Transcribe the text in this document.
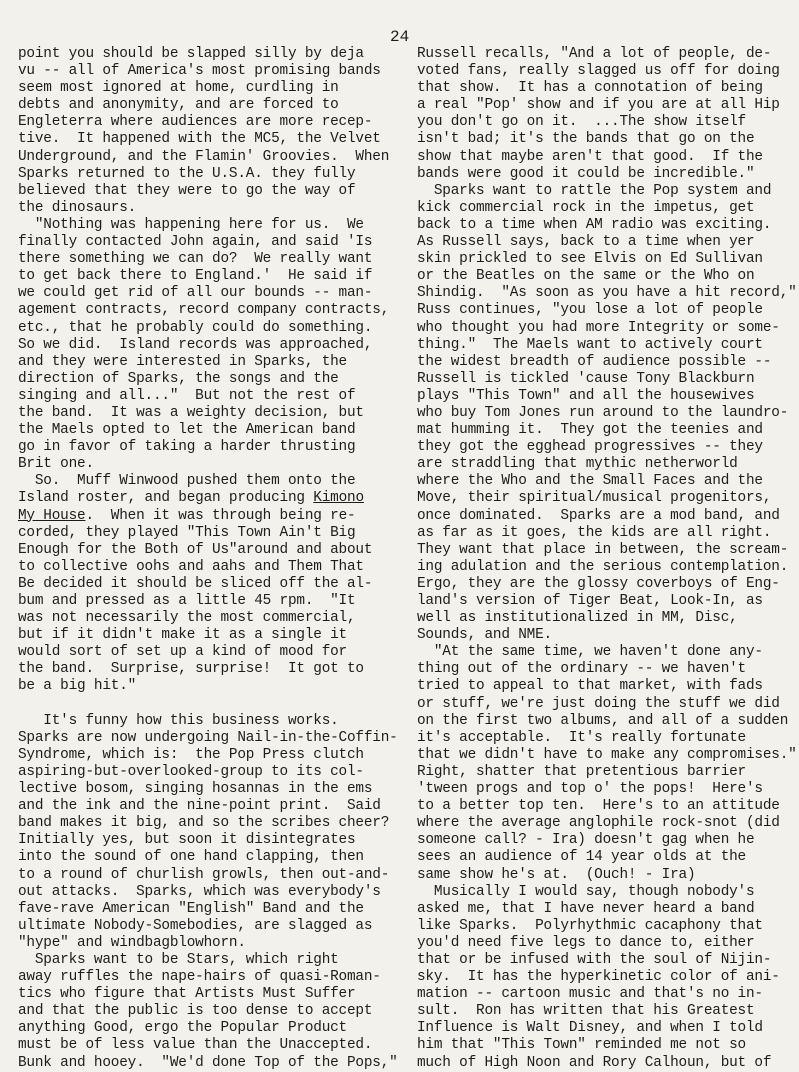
24
point you should be slapped silly by deja
vu -- all of America's most promising bands
seem most ignored at home, curdling in
debts and anonymity, and are forced to
Engleterra where audiences are more recep-
tive.  It happened with the MC5, the Velvet
Underground, and the Flamin' Groovies.  When
Sparks returned to the U.S.A. they fully
believed that they were to go the way of
the dinosaurs.
"Nothing was happening here for us.  We
finally contacted John again, and said 'Is
there something we can do?  We really want
to get back there to England.'  He said if
we could get rid of all our bounds -- man-
agement contracts, record company contracts,
etc., that he probably could do something.
So we did.  Island records was approached,
and they were interested in Sparks, the
direction of Sparks, the songs and the
singing and all..."  But not the rest of
the band.  It was a weighty decision, but
the Maels opted to let the American band
go in favor of taking a harder thrusting
Brit one.
So.  Muff Winwood pushed them onto the
Island roster, and began producing Kimono
My House.  When it was through being re-
corded, they played "This Town Ain't Big
Enough for the Both of Us"around and about
to collective oohs and aahs and Them That
Be decided it should be sliced off the al-
bum and pressed as a little 45 rpm.  "It
was not necessarily the most commercial,
but if it didn't make it as a single it
would sort of set up a kind of mood for
the band.  Surprise, surprise!  It got to
be a big hit."
It's funny how this business works.
Sparks are now undergoing Nail-in-the-Coffin-
Syndrome, which is:  the Pop Press clutch
aspiring-but-overlooked-group to its col-
lective bosom, singing hosannas in the ems
and the ink and the nine-point print.  Said
band makes it big, and so the scribes cheer?
Initially yes, but soon it disintegrates
into the sound of one hand clapping, then
to a round of churlish growls, then out-and-
out attacks.  Sparks, which was everybody's
fave-rave American "English" Band and the
ultimate Nobody-Somebodies, are slagged as
"hype" and windbagblowhorn.
Sparks want to be Stars, which right
away ruffles the nape-hairs of quasi-Roman-
tics who figure that Artists Must Suffer
and that the public is too dense to accept
anything Good, ergo the Popular Product
must be of less value than the Unaccepted.
Bunk and hooey.  "We'd done Top of the Pops,"
Russell recalls, "And a lot of people, de-
voted fans, really slagged us off for doing
that show.  It has a connotation of being
a real "Pop' show and if you are at all Hip
you don't go on it.  ...The show itself
isn't bad; it's the bands that go on the
show that maybe aren't that good.  If the
bands were good it could be incredible."
Sparks want to rattle the Pop system and
kick commercial rock in the impetus, get
back to a time when AM radio was exciting.
As Russell says, back to a time when yer
skin prickled to see Elvis on Ed Sullivan
or the Beatles on the same or the Who on
Shindig.  "As soon as you have a hit record,"
Russ continues, "you lose a lot of people
who thought you had more Integrity or some-
thing."  The Maels want to actively court
the widest breadth of audience possible --
Russell is tickled 'cause Tony Blackburn
plays "This Town" and all the housewives
who buy Tom Jones run around to the laundro-
mat humming it.  They got the teenies and
they got the egghead progressives -- they
are straddling that mythic netherworld
where the Who and the Small Faces and the
Move, their spiritual/musical progenitors,
once dominated.  Sparks are a mod band, and
as far as it goes, the kids are all right.
They want that place in between, the scream-
ing adulation and the serious contemplation.
Ergo, they are the glossy coverboys of Eng-
land's version of Tiger Beat, Look-In, as
well as institutionalized in MM, Disc,
Sounds, and NME.
"At the same time, we haven't done any-
thing out of the ordinary -- we haven't
tried to appeal to that market, with fads
or stuff, we're just doing the stuff we did
on the first two albums, and all of a sudden
it's acceptable.  It's really fortunate
that we didn't have to make any compromises."
Right, shatter that pretentious barrier
'tween progs and top o' the pops!  Here's
to a better top ten.  Here's to an attitude
where the average anglophile rock-snot (did
someone call? - Ira) doesn't gag when he
sees an audience of 14 year olds at the
same show he's at.  (Ouch! - Ira)
Musically I would say, though nobody's
asked me, that I have never heard a band
like Sparks.  Polyrhythmic cacaphony that
you'd need five legs to dance to, either
that or be infused with the soul of Nijin-
sky.  It has the hyperkinetic color of ani-
mation -- cartoon music and that's no in-
sult.  Ron has written that his Greatest
Influence is Walt Disney, and when I told
him that "This Town" reminded me not so
much of High Noon and Rory Calhoun, but of
